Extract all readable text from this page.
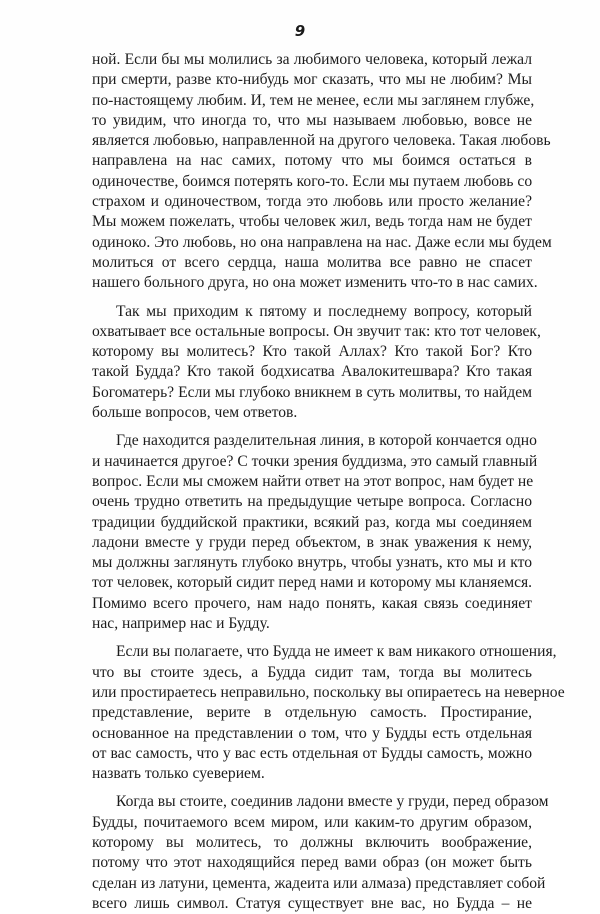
9
ной. Если бы мы молились за любимого человека, который лежал
при смерти, разве кто-нибудь мог сказать, что мы не любим? Мы
по-настоящему любим. И, тем не менее, если мы заглянем глубже,
то увидим, что иногда то, что мы называем любовью, вовсе не
является любовью, направленной на другого человека. Такая любовь
направлена на нас самих, потому что мы боимся остаться в
одиночестве, боимся потерять кого-то. Если мы путаем любовь со
страхом и одиночеством, тогда это любовь или просто желание?
Мы можем пожелать, чтобы человек жил, ведь тогда нам не будет
одиноко. Это любовь, но она направлена на нас. Даже если мы будем
молиться от всего сердца, наша молитва все равно не спасет
нашего больного друга, но она может изменить что-то в нас самих.
Так мы приходим к пятому и последнему вопросу, который
охватывает все остальные вопросы. Он звучит так: кто тот человек,
которому вы молитесь? Кто такой Аллах? Кто такой Бог? Кто
такой Будда? Кто такой бодхисатва Авалокитешвара? Кто такая
Богоматерь? Если мы глубоко вникнем в суть молитвы, то найдем
больше вопросов, чем ответов.
Где находится разделительная линия, в которой кончается одно
и начинается другое? С точки зрения буддизма, это самый главный
вопрос. Если мы сможем найти ответ на этот вопрос, нам будет не
очень трудно ответить на предыдущие четыре вопроса. Согласно
традиции буддийской практики, всякий раз, когда мы соединяем
ладони вместе у груди перед объектом, в знак уважения к нему,
мы должны заглянуть глубоко внутрь, чтобы узнать, кто мы и кто
тот человек, который сидит перед нами и которому мы кланяемся.
Помимо всего прочего, нам надо понять, какая связь соединяет
нас, например нас и Будду.
Если вы полагаете, что Будда не имеет к вам никакого отношения,
что вы стоите здесь, а Будда сидит там, тогда вы молитесь
или простираетесь неправильно, поскольку вы опираетесь на неверное
представление, верите в отдельную самость. Простирание,
основанное на представлении о том, что у Будды есть отдельная
от вас самость, что у вас есть отдельная от Будды самость, можно
назвать только суеверием.
Когда вы стоите, соединив ладони вместе у груди, перед образом
Будды, почитаемого всем миром, или каким-то другим образом,
которому вы молитесь, то должны включить воображение,
потому что этот находящийся перед вами образ (он может быть
сделан из латуни, цемента, жадеита или алмаза) представляет собой
всего лишь символ. Статуя существует вне вас, но Будда – не
